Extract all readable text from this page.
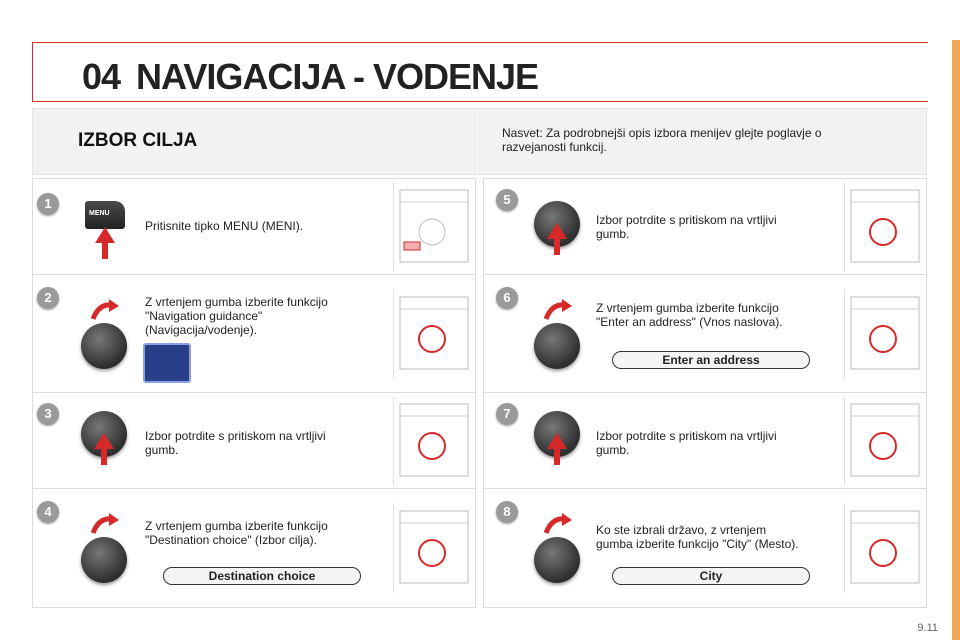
04 NAVIGACIJA - VODENJE
IZBOR CILJA	Nasvet: Za podrobnejši opis izbora menijev glejte poglavje o razvejanosti funkcij.
1
MENU
Pritisnite tipko MENU (MENI).
2	Z vrtenjem gumba izberite funkcijo "Navigation guidance" (Navigacija/vodenje).
3
Izbor potrdite s pritiskom na vrtljivi gumb.
4
Z vrtenjem gumba izberite funkcijo "Destination choice" (Izbor cilja).
Destination choice
5
Izbor potrdite s pritiskom na vrtljivi gumb.
6
Z vrtenjem gumba izberite funkcijo "Enter an address" (Vnos naslova).
Enter an address
7
Izbor potrdite s pritiskom na vrtljivi gumb.
8
Ko ste izbrali državo, z vrtenjem gumba izberite funkcijo "City" (Mesto).
City
9.11
